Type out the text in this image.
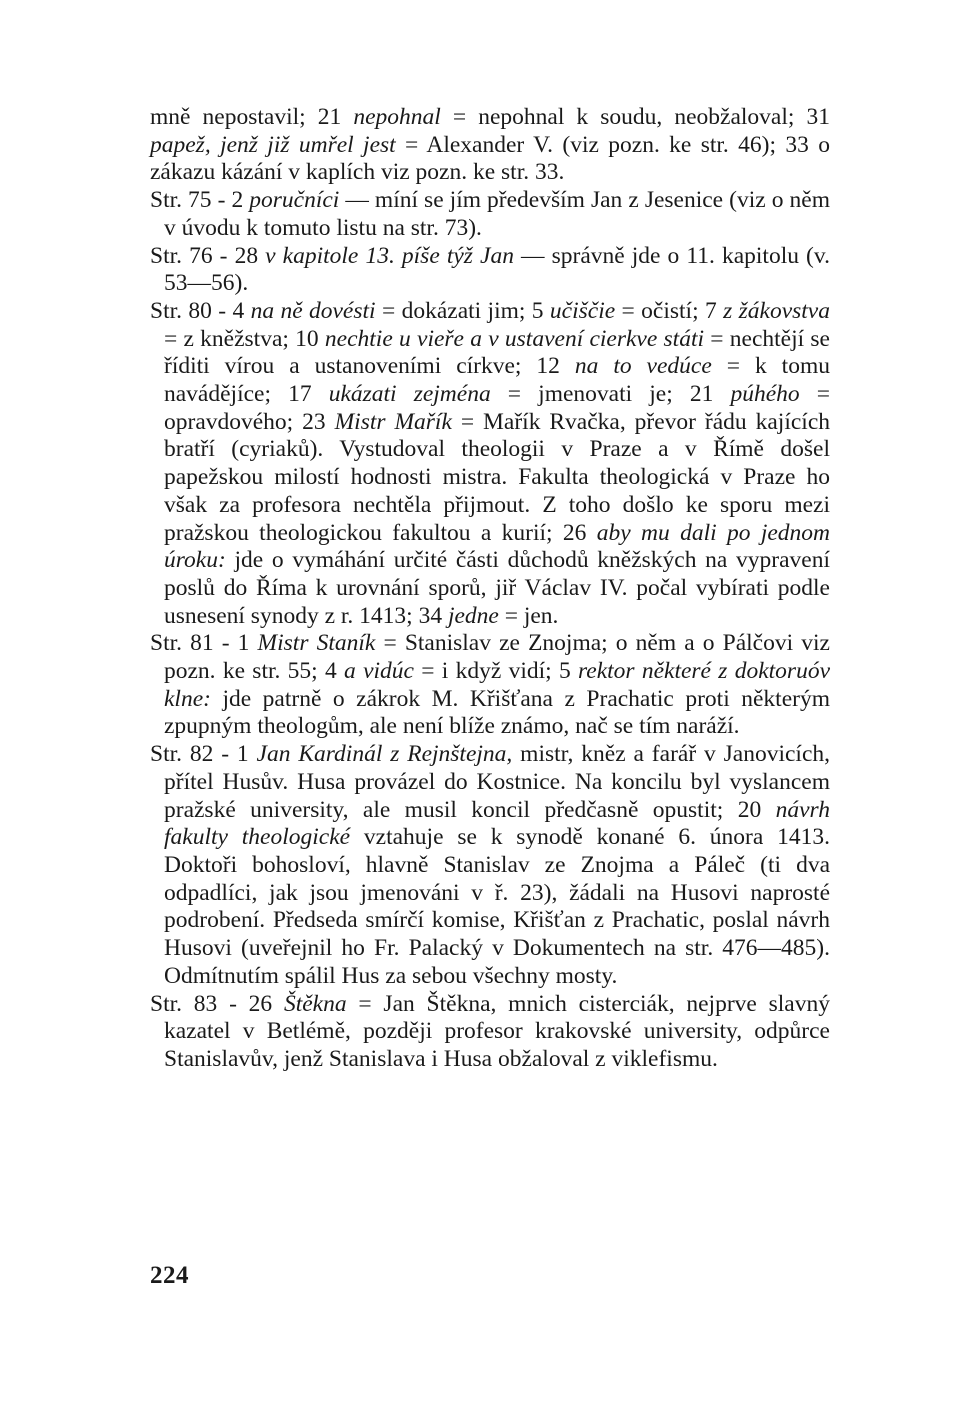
mně nepostavil; 21 nepohnal = nepohnal k soudu, neobžaloval; 31 papež, jenž již umřel jest = Alexander V. (viz pozn. ke str. 46); 33 o zákazu kázání v kaplích viz pozn. ke str. 33.

Str. 75 - 2 poručníci — míní se jím především Jan z Jesenice (viz o něm v úvodu k tomuto listu na str. 73).

Str. 76 - 28 v kapitole 13. píše týž Jan — správně jde o 11. kapitolu (v. 53—56).

Str. 80 - 4 na ně dovésti = dokázati jim; 5 učiščie = očistí; 7 z žákovstva = z kněžstva; 10 nechtie u vieře a v ustavení cierkve státi = nechtějí se říditi vírou a ustanoveními církve; 12 na to vedúce = k tomu navádějíce; 17 ukázati zejména = jmenovati je; 21 púhého = opravdového; 23 Mistr Mařík = Mařík Rvačka, převor řádu kajících bratří (cyriaků). Vystudoval theologii v Praze a v Římě došel papežskou milostí hodnosti mistra. Fakulta theologická v Praze ho však za profesora nechtěla přijmout. Z toho došlo ke sporu mezi pražskou theologickou fakultou a kurií; 26 aby mu dali po jednom úroku: jde o vymáhání určité části důchodů kněžských na vypravení poslů do Říma k urovnání sporů, jiř Václav IV. počal vybírati podle usnesení synody z r. 1413; 34 jedne = jen.

Str. 81 - 1 Mistr Staník = Stanislav ze Znojma; o něm a o Pálčovi viz pozn. ke str. 55; 4 a vidúc = i když vidí; 5 rektor některé z doktoruóv klne: jde patrně o zákrok M. Křišťana z Prachatic proti některým zpupným theologům, ale není blíže známo, nač se tím naráží.

Str. 82 - 1 Jan Kardinál z Rejnštejna, mistr, kněz a farář v Janovicích, přítel Husův. Husa provázel do Kostnice. Na koncilu byl vyslancem pražské university, ale musil koncil předčasně opustit; 20 návrh fakulty theologické vztahuje se k synodě konané 6. února 1413. Doktoři bohosloví, hlavně Stanislav ze Znojma a Páleč (ti dva odpadlíci, jak jsou jmenováni v ř. 23), žádali na Husovi naprosté podrobení. Předseda smírčí komise, Křišťan z Prachatic, poslal návrh Husovi (uveřejnil ho Fr. Palacký v Dokumentech na str. 476—485). Odmítnutím spálil Hus za sebou všechny mosty.

Str. 83 - 26 Štěkna = Jan Štěkna, mnich cisterciák, nejprve slavný kazatel v Betlémě, později profesor krakovské university, odpůrce Stanislavův, jenž Stanislava i Husa obžaloval z viklefismu.

224
